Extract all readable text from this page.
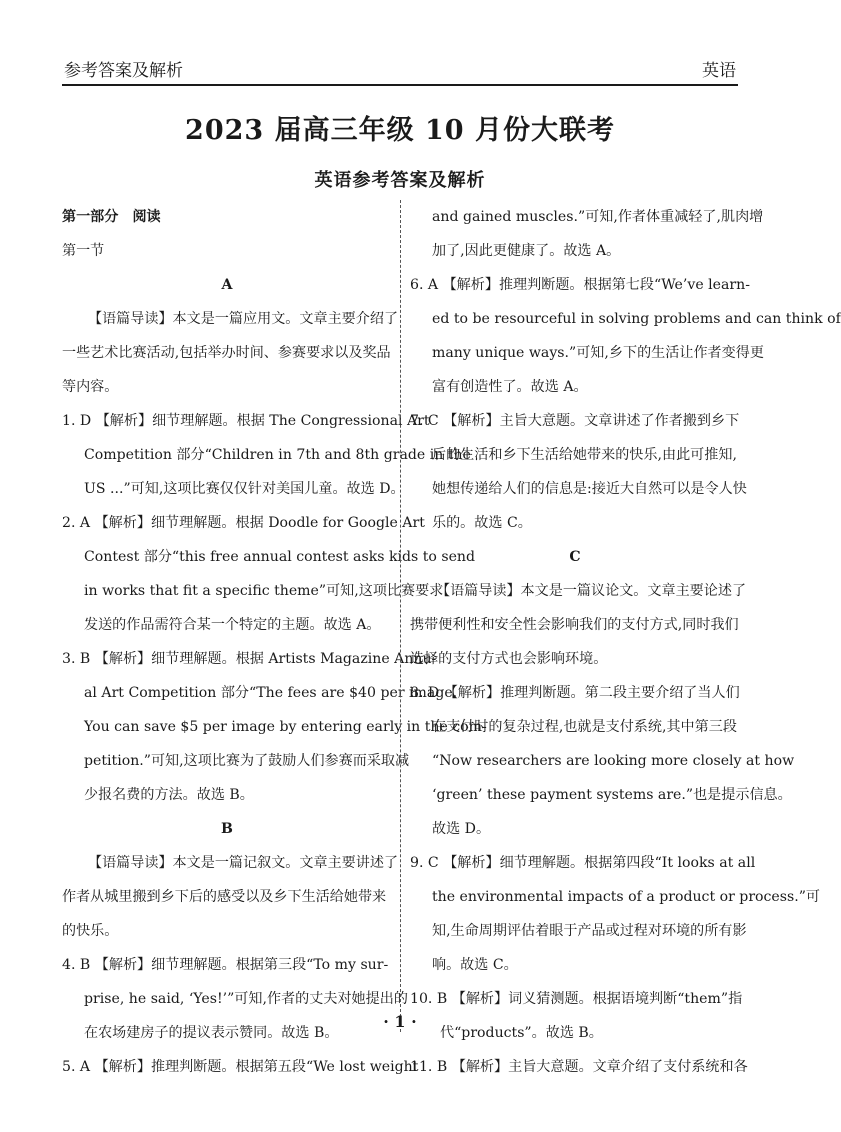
参考答案及解析	英语
2023 届高三年级 10 月份大联考
英语参考答案及解析
第一部分　阅读
第一节
A
【语篇导读】本文是一篇应用文。文章主要介绍了
一些艺术比赛活动,包括举办时间、参赛要求以及奖品
等内容。
1. D 【解析】细节理解题。根据 The Congressional Art
Competition 部分“Children in 7th and 8th grade in the
US ...”可知,这项比赛仅仅针对美国儿童。故选 D。
2. A 【解析】细节理解题。根据 Doodle for Google Art
Contest 部分“this free annual contest asks kids to send
in works that fit a specific theme”可知,这项比赛要求
发送的作品需符合某一个特定的主题。故选 A。
3. B 【解析】细节理解题。根据 Artists Magazine Annu-
al Art Competition 部分“The fees are $40 per image.
You can save $5 per image by entering early in the com-
petition.”可知,这项比赛为了鼓励人们参赛而采取减
少报名费的方法。故选 B。
B
【语篇导读】本文是一篇记叙文。文章主要讲述了
作者从城里搬到乡下后的感受以及乡下生活给她带来
的快乐。
4. B 【解析】细节理解题。根据第三段“To my sur-
prise, he said, ‘Yes!’”可知,作者的丈夫对她提出的
在农场建房子的提议表示赞同。故选 B。
5. A 【解析】推理判断题。根据第五段“We lost weight
and gained muscles.”可知,作者体重减轻了,肌肉增
加了,因此更健康了。故选 A。
6. A 【解析】推理判断题。根据第七段“We’ve learn-
ed to be resourceful in solving problems and can think of
many unique ways.”可知,乡下的生活让作者变得更
富有创造性了。故选 A。
7. C 【解析】主旨大意题。文章讲述了作者搬到乡下
后的生活和乡下生活给她带来的快乐,由此可推知,
她想传递给人们的信息是:接近大自然可以是令人快
乐的。故选 C。
C
【语篇导读】本文是一篇议论文。文章主要论述了
携带便利性和安全性会影响我们的支付方式,同时我们
选择的支付方式也会影响环境。
8. D 【解析】推理判断题。第二段主要介绍了当人们
在支付时的复杂过程,也就是支付系统,其中第三段
“Now researchers are looking more closely at how
‘green’ these payment systems are.”也是提示信息。
故选 D。
9. C 【解析】细节理解题。根据第四段“It looks at all
the environmental impacts of a product or process.”可
知,生命周期评估着眼于产品或过程对环境的所有影
响。故选 C。
10. B 【解析】词义猜测题。根据语境判断“them”指
代“products”。故选 B。
11. B 【解析】主旨大意题。文章介绍了支付系统和各
· 1 ·
